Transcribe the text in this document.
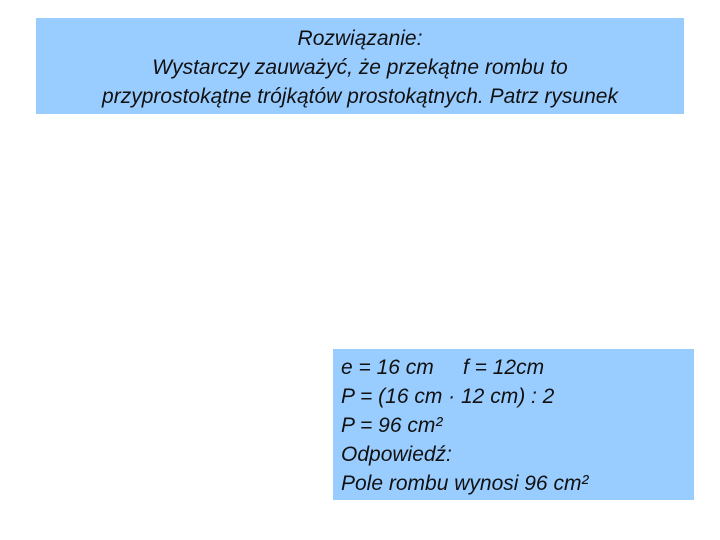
Rozwiązanie:
Wystarczy zauważyć, że przekątne rombu to
przyprostokątne trójkątów prostokątnych. Patrz rysunek
e = 16 cm     f = 12cm
P = (16 cm · 12 cm) : 2
P = 96 cm²
Odpowiedź:
Pole rombu wynosi 96 cm²
